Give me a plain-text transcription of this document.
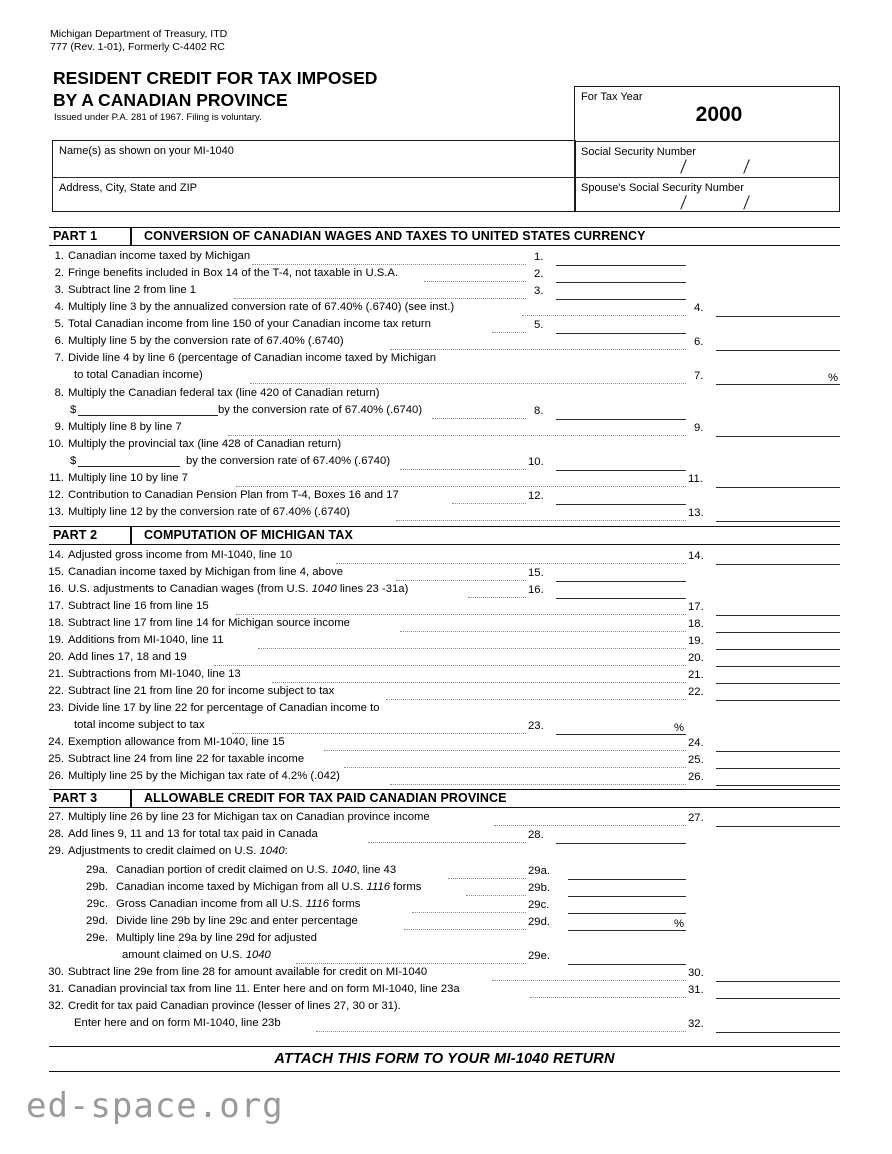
Michigan Department of Treasury, ITD
777 (Rev. 1-01), Formerly C-4402 RC
RESIDENT CREDIT FOR TAX IMPOSED
BY A CANADIAN PROVINCE
Issued under P.A. 281 of 1967. Filing is voluntary.
For Tax Year
2000
Social Security Number
Spouse's Social Security Number
Name(s) as shown on your MI-1040
Address, City, State and ZIP
PART 1	CONVERSION OF CANADIAN WAGES AND TAXES TO UNITED STATES CURRENCY
1. Canadian income taxed by Michigan	1.
2. Fringe benefits included in Box 14 of the T-4, not taxable in U.S.A.	2.
3. Subtract line 2 from line 1	3.
4. Multiply line 3 by the annualized conversion rate of 67.40% (.6740) (see inst.)	4.
5. Total Canadian income from line 150 of your Canadian income tax return	5.
6. Multiply line 5 by the conversion rate of 67.40% (.6740)	6.
7. Divide line 4 by line 6 (percentage of Canadian income taxed by Michigan
to total Canadian income)	7.	%
8. Multiply the Canadian federal tax (line 420 of Canadian return)
$	by the conversion rate of 67.40% (.6740)	8.
9. Multiply line 8 by line 7	9.
10. Multiply the provincial tax (line 428 of Canadian return)
$	by the conversion rate of 67.40% (.6740)	10.
11. Multiply line 10 by line 7	11.
12. Contribution to Canadian Pension Plan from T-4, Boxes 16 and 17	12.
13. Multiply line 12 by the conversion rate of 67.40% (.6740)	13.
PART 2	COMPUTATION OF MICHIGAN TAX
14. Adjusted gross income from MI-1040, line 10	14.
15. Canadian income taxed by Michigan from line 4, above	15.
16. U.S. adjustments to Canadian wages (from U.S. 1040 lines 23 -31a)	16.
17. Subtract line 16 from line 15	17.
18. Subtract line 17 from line 14 for Michigan source income	18.
19. Additions from MI-1040, line 11	19.
20. Add lines 17, 18 and 19	20.
21. Subtractions from MI-1040, line 13	21.
22. Subtract line 21 from line 20 for income subject to tax	22.
23. Divide line 17 by line 22 for percentage of Canadian income to
total income subject to tax	23.	%
24. Exemption allowance from MI-1040, line 15	24.
25. Subtract line 24 from line 22 for taxable income	25.
26. Multiply line 25 by the Michigan tax rate of 4.2% (.042)	26.
PART 3	ALLOWABLE CREDIT FOR TAX PAID CANADIAN PROVINCE
27. Multiply line 26 by line 23 for Michigan tax on Canadian province income	27.
28. Add lines 9, 11 and 13 for total tax paid in Canada	28.
29. Adjustments to credit claimed on U.S. 1040:
29a. Canadian portion of credit claimed on U.S. 1040, line 43	29a.
29b. Canadian income taxed by Michigan from all U.S. 1116 forms	29b.
29c. Gross Canadian income from all U.S. 1116 forms	29c.
29d. Divide line 29b by line 29c and enter percentage	29d.	%
29e. Multiply line 29a by line 29d for adjusted
amount claimed on U.S. 1040	29e.
30. Subtract line 29e from line 28 for amount available for credit on MI-1040	30.
31. Canadian provincial tax from line 11. Enter here and on form MI-1040, line 23a	31.
32. Credit for tax paid Canadian province (lesser of lines 27, 30 or 31).
Enter here and on form MI-1040, line 23b	32.
ATTACH THIS FORM TO YOUR MI-1040 RETURN
ed-space.org
